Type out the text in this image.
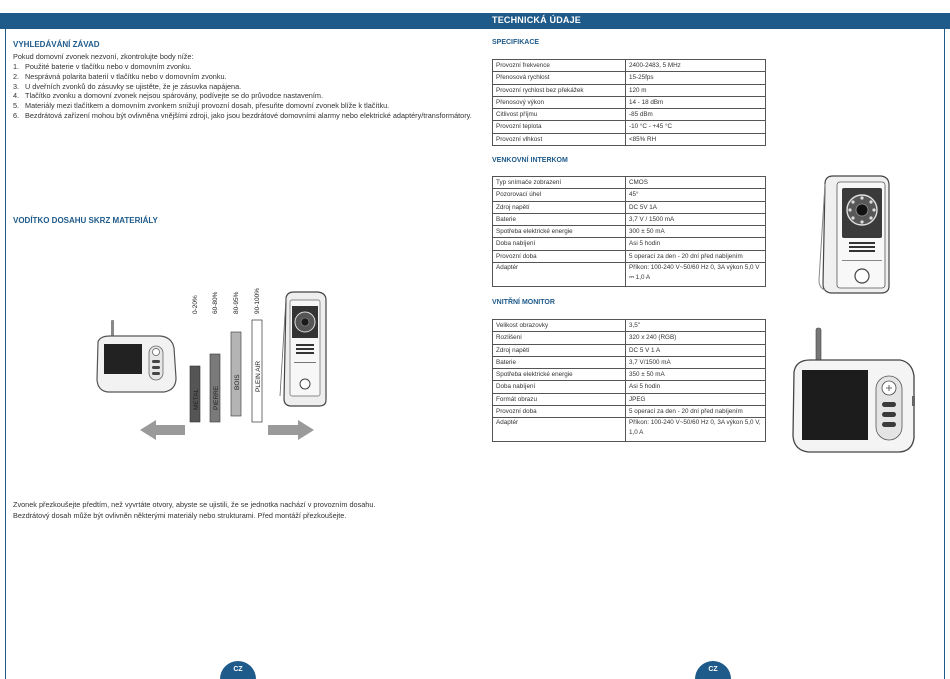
TECHNICKÁ ÚDAJE
VYHLEDÁVÁNÍ ZÁVAD
Pokud domovní zvonek nezvoní, zkontrolujte body níže:
1. Použité baterie v tlačítku nebo v domovním zvonku.
2. Nesprávná polarita baterií v tlačítku nebo v domovním zvonku.
3. U dveřních zvonků do zásuvky se ujistěte, že je zásuvka napájena.
4. Tlačítko zvonku a domovní zvonek nejsou spárovány, podívejte se do průvodce nastavením.
5. Materiály mezi tlačítkem a domovním zvonkem snižují provozní dosah, přesuňte domovní zvonek blíže k tlačítku.
6. Bezdrátová zařízení mohou být ovlivněna vnějšími zdroji, jako jsou bezdrátové domovními alarmy nebo elektrické adaptéry/transformátory.
VODÍTKO DOSAHU SKRZ MATERIÁLY
METAL PIERRE
BOIS PLEIN AIR
0-20% 60-80% 80-95% 90-100%
Zvonek přezkoušejte předtím, než vyvrtáte otvory, abyste se ujistili, že se jednotka nachází v provozním dosahu.
Bezdrátový dosah může být ovlivněn některými materiály nebo strukturami. Před montáží přezkoušejte.
CZ
SPECIFIKACE
Provozní frekvence	2400-2483, 5 MHz
Přenosová rychlost	15-25fps
Provozní rychlost bez překážek	120 m
Přenosový výkon	14 - 18 dBm
Citlivost příjmu	-85 dBm
Provozní teplota	-10 °C - +45 °C
Provozní vlhkost	<85% RH
VENKOVNÍ INTERKOM
Typ snímače zobrazení	CMOS
Pozorovací úhel	45°
Zdroj napětí	DC 5V 1A
Baterie	3,7 V / 1500 mA
Spotřeba elektrické energie	300 ± 50 mA
Doba nabíjení	Asi 5 hodin
Provozní doba	5 operací za den - 20 dní před nabíjením
Adaptér	Příkon: 100-240 V~50/60 Hz 0, 3A výkon 5,0 V ⎓ 1,0 A
VNITŘNÍ MONITOR
Velikost obrazovky	3,5"
Rozlišení	320 x 240 (RGB)
Zdroj napětí	DC 5 V 1 A
Baterie	3,7 V/1500 mA
Spotřeba elektrické energie	350 ± 50 mA
Doba nabíjení	Asi 5 hodin
Formát obrazu	JPEG
Provozní doba	5 operací za den - 20 dní před nabíjením
Adaptér	Příkon: 100-240 V~50/60 Hz 0, 3A výkon 5,0 V, 1,0 A
CZ
